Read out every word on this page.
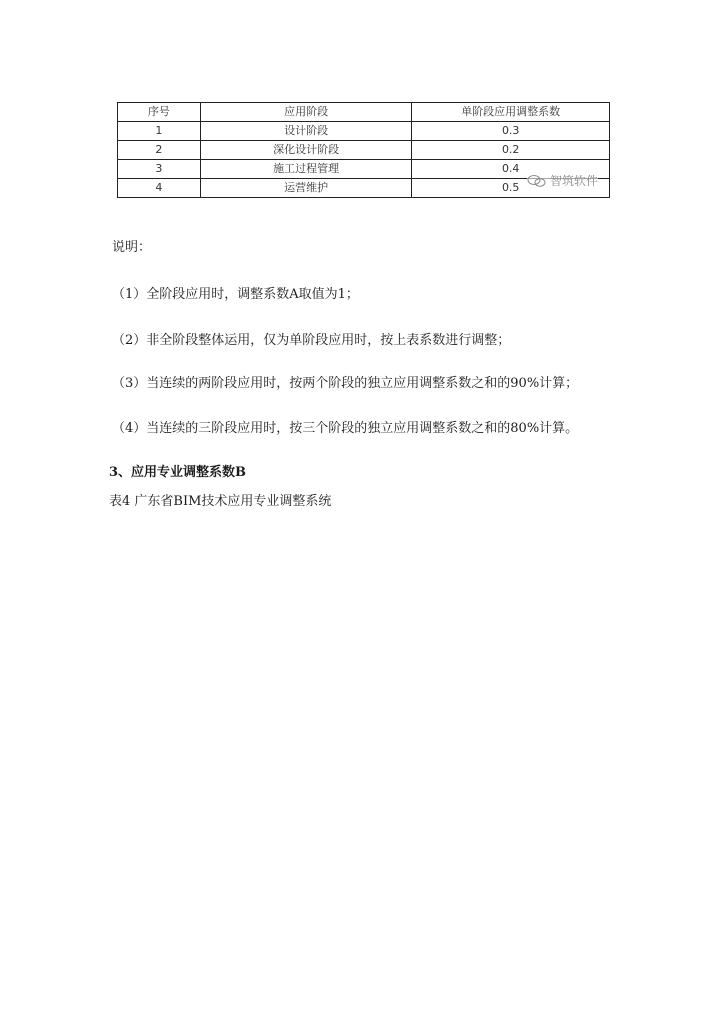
序号	应用阶段	单阶段应用调整系数
1	设计阶段	0.3
2	深化设计阶段	0.2
3	施工过程管理	0.4
4	运营维护	0.5	智筑软件
说明：
（1）全阶段应用时，调整系数A取值为1；
（2）非全阶段整体运用，仅为单阶段应用时，按上表系数进行调整；
（3）当连续的两阶段应用时，按两个阶段的独立应用调整系数之和的90%计算；
（4）当连续的三阶段应用时，按三个阶段的独立应用调整系数之和的80%计算。
3、应用专业调整系数B
表4 广东省BIM技术应用专业调整系统
